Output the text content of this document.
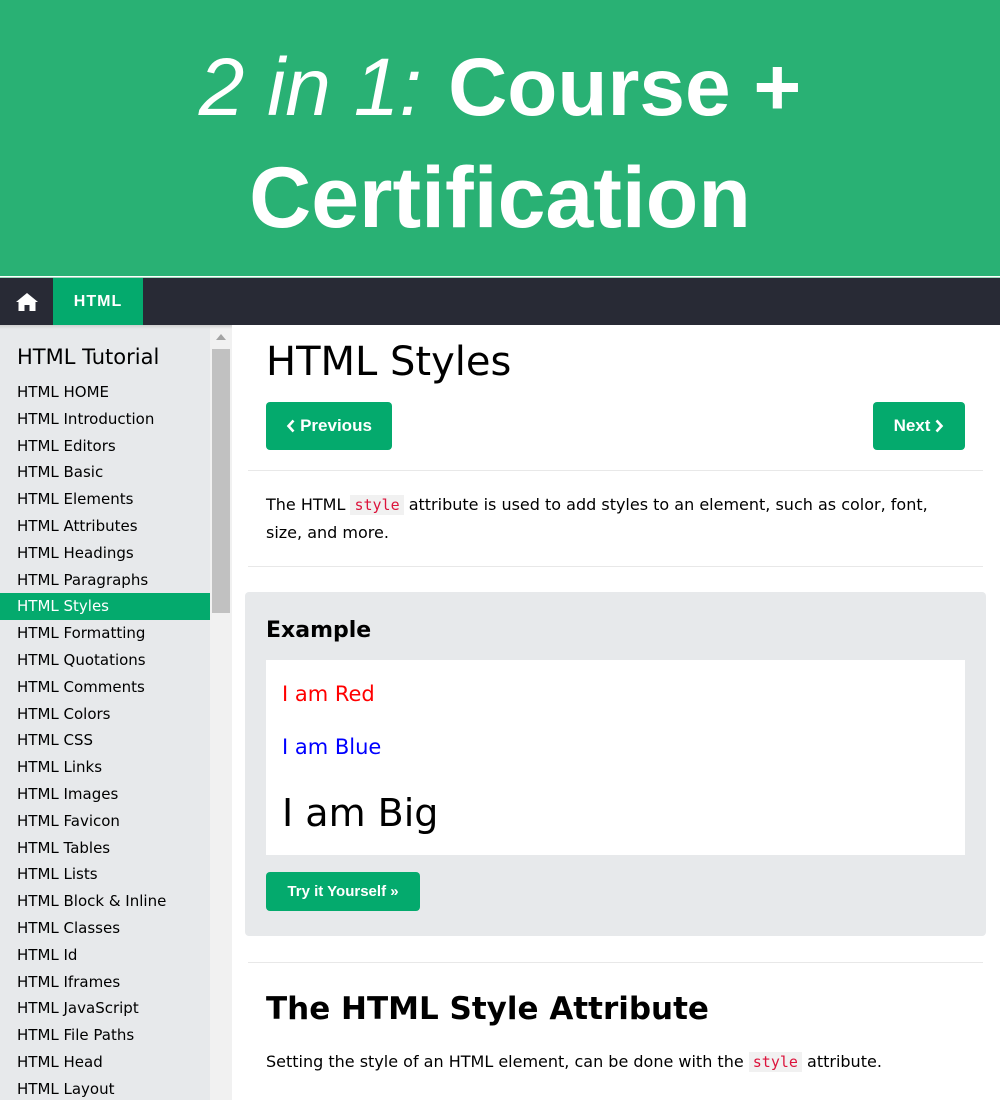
2 in 1: Course +
Certification
HTML
HTML Tutorial
HTML HOME
HTML Introduction
HTML Editors
HTML Basic
HTML Elements
HTML Attributes
HTML Headings
HTML Paragraphs
HTML Styles
HTML Formatting
HTML Quotations
HTML Comments
HTML Colors
HTML CSS
HTML Links
HTML Images
HTML Favicon
HTML Tables
HTML Lists
HTML Block & Inline
HTML Classes
HTML Id
HTML Iframes
HTML JavaScript
HTML File Paths
HTML Head
HTML Layout
HTML Styles
Previous	Next

The HTML style attribute is used to add styles to an element, such as color, font, size, and more.

Example

I am Red

I am Blue

I am Big

Try it Yourself »
The HTML Style Attribute

Setting the style of an HTML element, can be done with the style attribute.
